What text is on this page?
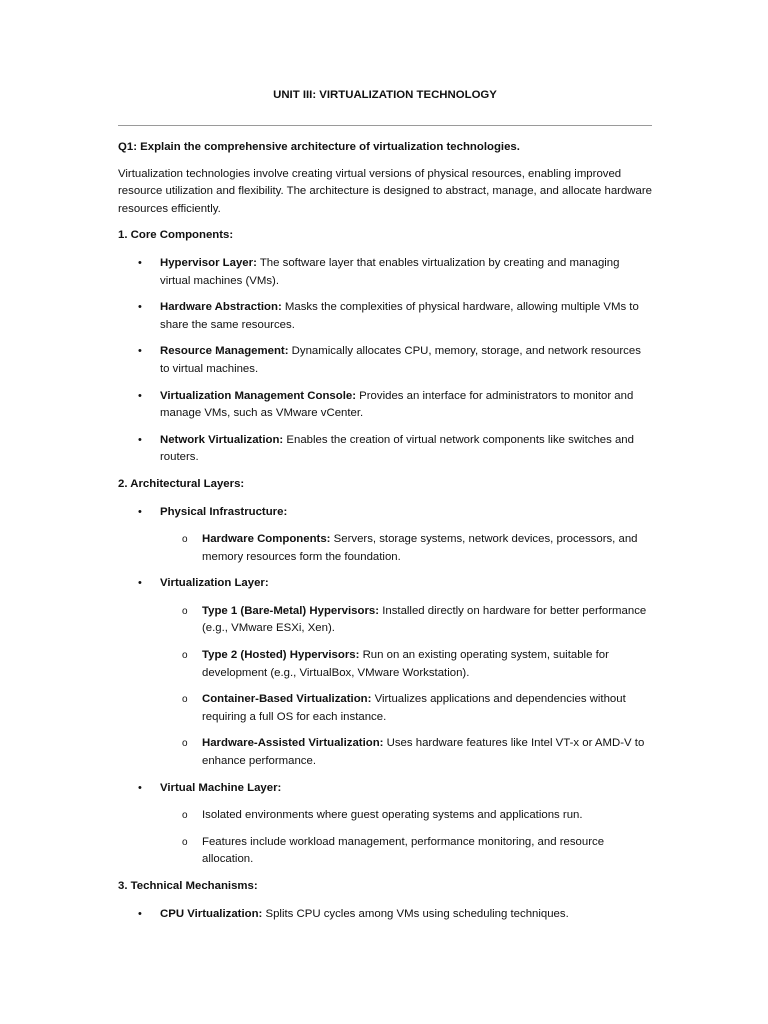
UNIT III: VIRTUALIZATION TECHNOLOGY
Q1: Explain the comprehensive architecture of virtualization technologies.
Virtualization technologies involve creating virtual versions of physical resources, enabling improved resource utilization and flexibility. The architecture is designed to abstract, manage, and allocate hardware resources efficiently.
1. Core Components:
• Hypervisor Layer: The software layer that enables virtualization by creating and managing virtual machines (VMs).
• Hardware Abstraction: Masks the complexities of physical hardware, allowing multiple VMs to share the same resources.
• Resource Management: Dynamically allocates CPU, memory, storage, and network resources to virtual machines.
• Virtualization Management Console: Provides an interface for administrators to monitor and manage VMs, such as VMware vCenter.
• Network Virtualization: Enables the creation of virtual network components like switches and routers.
2. Architectural Layers:
• Physical Infrastructure:
o Hardware Components: Servers, storage systems, network devices, processors, and memory resources form the foundation.
• Virtualization Layer:
o Type 1 (Bare-Metal) Hypervisors: Installed directly on hardware for better performance (e.g., VMware ESXi, Xen).
o Type 2 (Hosted) Hypervisors: Run on an existing operating system, suitable for development (e.g., VirtualBox, VMware Workstation).
o Container-Based Virtualization: Virtualizes applications and dependencies without requiring a full OS for each instance.
o Hardware-Assisted Virtualization: Uses hardware features like Intel VT-x or AMD-V to enhance performance.
• Virtual Machine Layer:
o Isolated environments where guest operating systems and applications run.
o Features include workload management, performance monitoring, and resource allocation.
3. Technical Mechanisms:
• CPU Virtualization: Splits CPU cycles among VMs using scheduling techniques.
